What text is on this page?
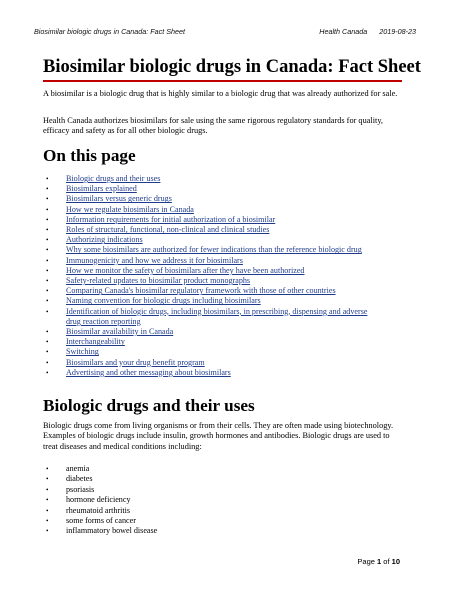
Biosimilar biologic drugs in Canada: Fact Sheet	Health Canada 2019-08-23
Biosimilar biologic drugs in Canada: Fact Sheet

A biosimilar is a biologic drug that is highly similar to a biologic drug that was already authorized for sale.

Health Canada authorizes biosimilars for sale using the same rigorous regulatory standards for quality, efficacy and safety as for all other biologic drugs.

On this page
• Biologic drugs and their uses
• Biosimilars explained
• Biosimilars versus generic drugs
• How we regulate biosimilars in Canada
• Information requirements for initial authorization of a biosimilar
• Roles of structural, functional, non-clinical and clinical studies
• Authorizing indications
• Why some biosimilars are authorized for fewer indications than the reference biologic drug
• Immunogenicity and how we address it for biosimilars
• How we monitor the safety of biosimilars after they have been authorized
• Safety-related updates to biosimilar product monographs
• Comparing Canada's biosimilar regulatory framework with those of other countries
• Naming convention for biologic drugs including biosimilars
• Identification of biologic drugs, including biosimilars, in prescribing, dispensing and adverse drug reaction reporting
• Biosimilar availability in Canada
• Interchangeability
• Switching
• Biosimilars and your drug benefit program
• Advertising and other messaging about biosimilars
Biologic drugs and their uses

Biologic drugs come from living organisms or from their cells. They are often made using biotechnology. Examples of biologic drugs include insulin, growth hormones and antibodies. Biologic drugs are used to treat diseases and medical conditions including:

• anemia
• diabetes
• psoriasis
• hormone deficiency
• rheumatoid arthritis
• some forms of cancer
• inflammatory bowel disease
Page 1 of 10
